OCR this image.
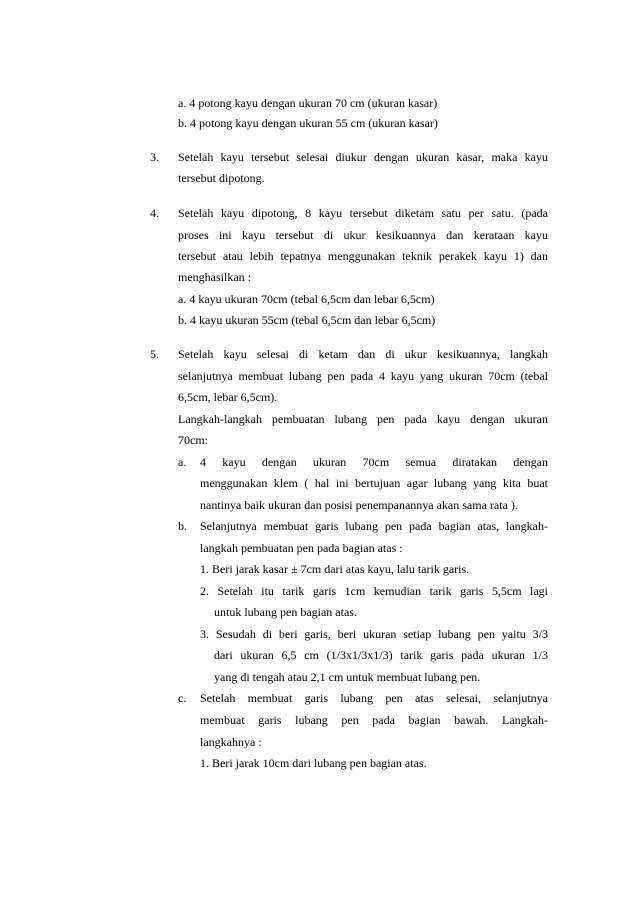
a. 4 potong kayu dengan ukuran 70 cm (ukuran kasar)
b. 4 potong kayu dengan ukuran 55 cm (ukuran kasar)
3. Setelah kayu tersebut selesai diukur dengan ukuran kasar, maka kayu
tersebut dipotong.
4. Setelah kayu dipotong, 8 kayu tersebut diketam satu per satu. (pada
proses ini kayu tersebut di ukur kesikuannya dan kerataan kayu
tersebut atau lebih tepatnya menggunakan teknik perakek kayu 1) dan
menghasilkan :
a. 4 kayu ukuran 70cm (tebal 6,5cm dan lebar 6,5cm)
b. 4 kayu ukuran 55cm (tebal 6,5cm dan lebar 6,5cm)
5. Setelah kayu selesai di ketam dan di ukur kesikuannya, langkah
selanjutnya membuat lubang pen pada 4 kayu yang ukuran 70cm (tebal
6,5cm, lebar 6,5cm).
Langkah-langkah pembuatan lubang pen pada kayu dengan ukuran
70cm:
a. 4 kayu dengan ukuran 70cm semua diratakan dengan
menggunakan klem ( hal ini bertujuan agar lubang yang kita buat
nantinya baik ukuran dan posisi penempanannya akan sama rata ).
b. Selanjutnya membuat garis lubang pen pada bagian atas, langkah-
langkah pembuatan pen pada bagian atas :
1. Beri jarak kasar ± 7cm dari atas kayu, lalu tarik garis.
2. Setelah itu tarik garis 1cm kemudian tarik garis 5,5cm lagi
untuk lubang pen bagian atas.
3. Sesudah di beri garis, beri ukuran setiap lubang pen yaitu 3/3
dari ukuran 6,5 cm (1/3x1/3x1/3) tarik garis pada ukuran 1/3
yang di tengah atau 2,1 cm untuk membuat lubang pen.
c. Setelah membuat garis lubang pen atas selesai, selanjutnya
membuat garis lubang pen pada bagian bawah. Langkah-
langkahnya :
1. Beri jarak 10cm dari lubang pen bagian atas.
